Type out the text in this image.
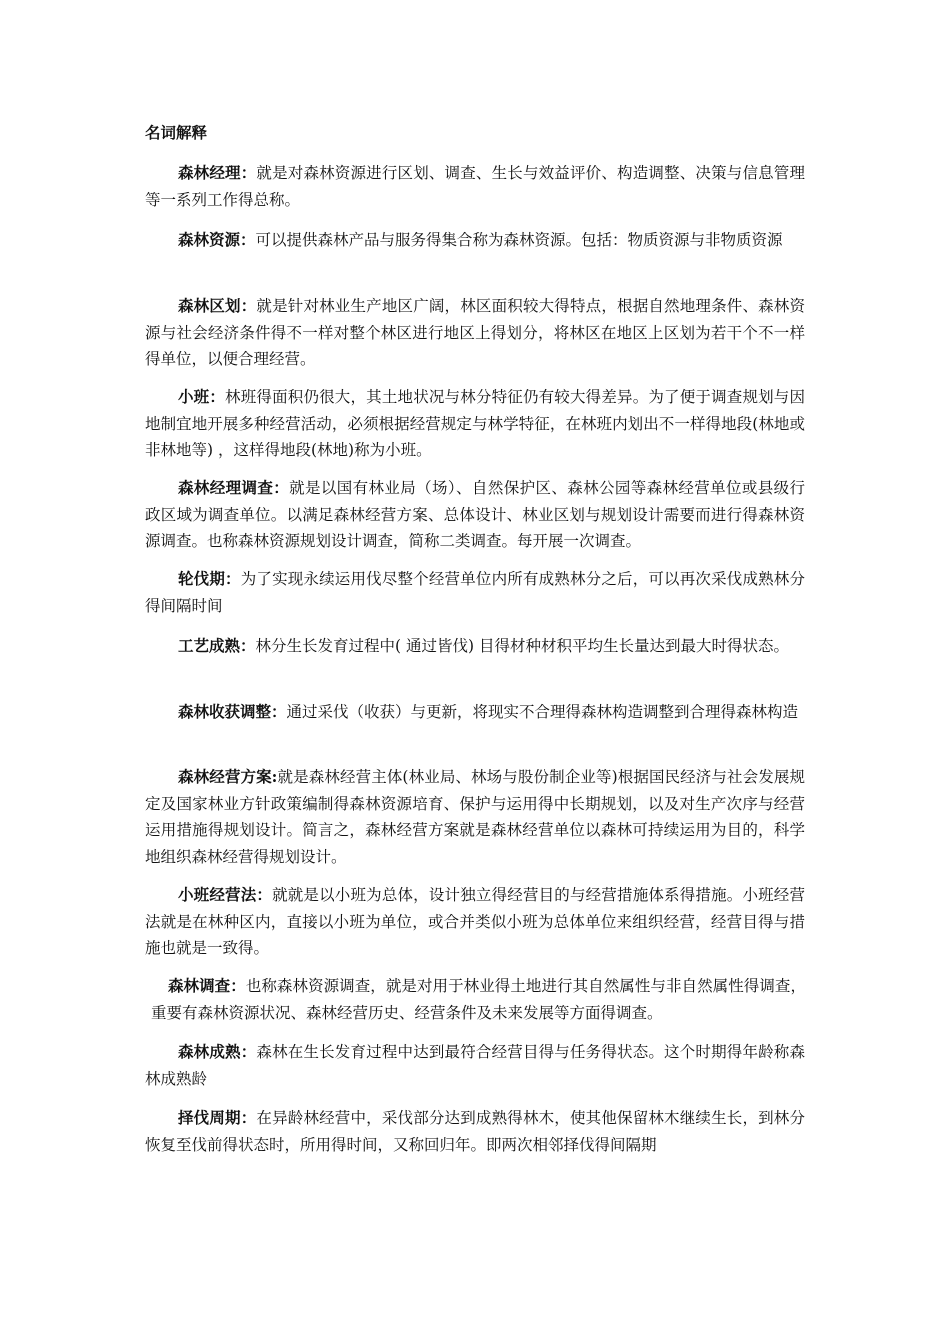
名词解释

森林经理：就是对森林资源进行区划、调查、生长与效益评价、构造调整、决策与信息管理等一系列工作得总称。

森林资源：可以提供森林产品与服务得集合称为森林资源。包括：物质资源与非物质资源

森林区划：就是针对林业生产地区广阔，林区面积较大得特点，根据自然地理条件、森林资源与社会经济条件得不一样对整个林区进行地区上得划分，将林区在地区上区划为若干个不一样得单位，以便合理经营。

小班：林班得面积仍很大，其土地状况与林分特征仍有较大得差异。为了便于调查规划与因地制宜地开展多种经营活动，必须根据经营规定与林学特征，在林班内划出不一样得地段(林地或非林地等) ，这样得地段(林地)称为小班。

森林经理调查：就是以国有林业局（场）、自然保护区、森林公园等森林经营单位或县级行政区域为调查单位。以满足森林经营方案、总体设计、林业区划与规划设计需要而进行得森林资源调查。也称森林资源规划设计调查，简称二类调查。每开展一次调查。

轮伐期：为了实现永续运用伐尽整个经营单位内所有成熟林分之后，可以再次采伐成熟林分得间隔时间

工艺成熟：林分生长发育过程中( 通过皆伐) 目得材种材积平均生长量达到最大时得状态。

森林收获调整：通过采伐（收获）与更新，将现实不合理得森林构造调整到合理得森林构造

森林经营方案:就是森林经营主体(林业局、林场与股份制企业等)根据国民经济与社会发展规定及国家林业方针政策编制得森林资源培育、保护与运用得中长期规划，以及对生产次序与经营运用措施得规划设计。简言之，森林经营方案就是森林经营单位以森林可持续运用为目的，科学地组织森林经营得规划设计。

小班经营法：就就是以小班为总体，设计独立得经营目的与经营措施体系得措施。小班经营法就是在林种区内，直接以小班为单位，或合并类似小班为总体单位来组织经营，经营目得与措施也就是一致得。

森林调查：也称森林资源调查，就是对用于林业得土地进行其自然属性与非自然属性得调查，重要有森林资源状况、森林经营历史、经营条件及未来发展等方面得调查。

森林成熟：森林在生长发育过程中达到最符合经营目得与任务得状态。这个时期得年龄称森林成熟龄

择伐周期：在异龄林经营中，采伐部分达到成熟得林木，使其他保留林木继续生长，到林分恢复至伐前得状态时，所用得时间，又称回归年。即两次相邻择伐得间隔期
